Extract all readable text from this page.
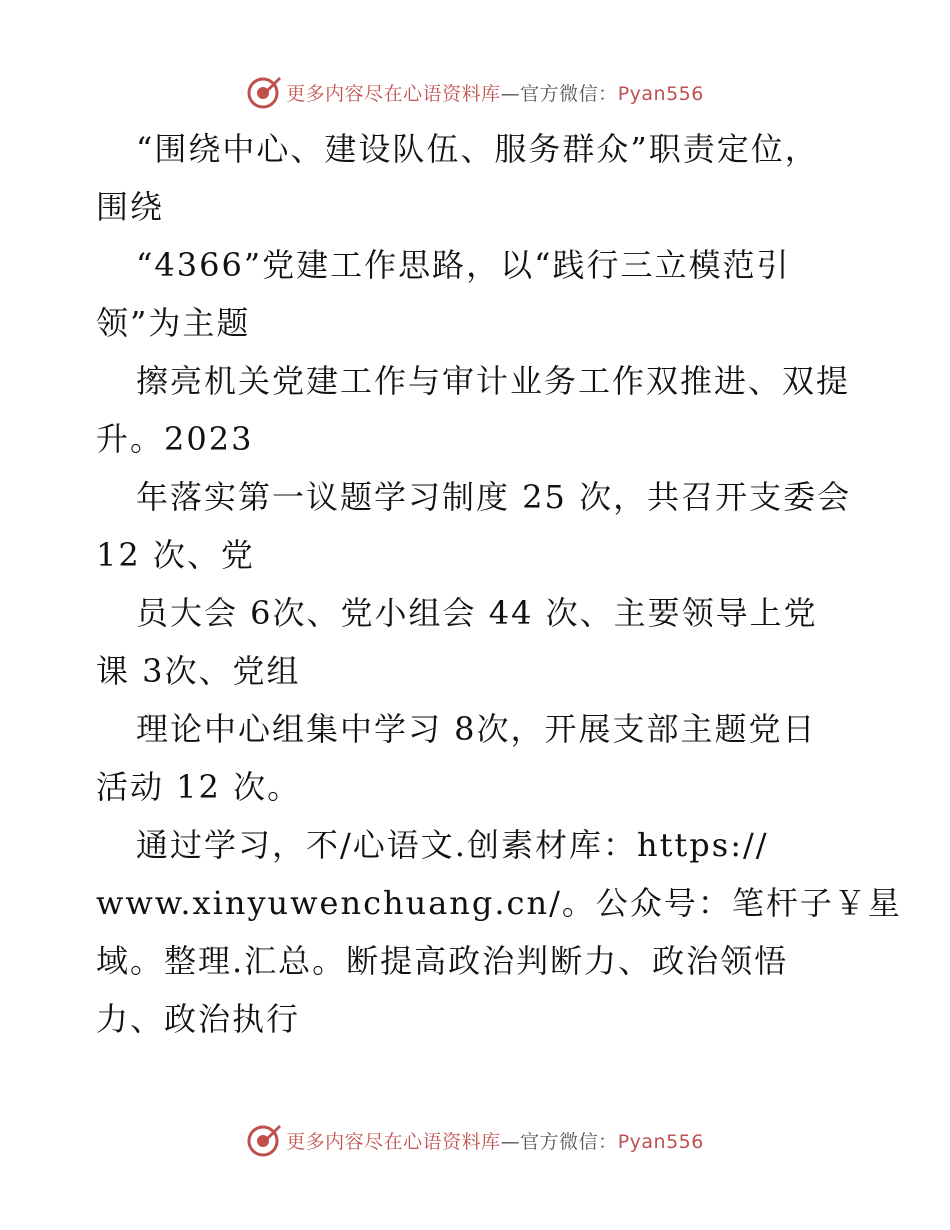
更多内容尽在心语资料库—官方微信：Pyan556

“围绕中心、建设队伍、服务群众”职责定位，

围绕

“4366”党建工作思路，以“践行三立模范引

领”为主题

擦亮机关党建工作与审计业务工作双推进、双提

升。2023

年落实第一议题学习制度 25 次，共召开支委会

12 次、党

员大会 6次、党小组会 44 次、主要领导上党

课 3次、党组

理论中心组集中学习 8次，开展支部主题党日

活动 12 次。

通过学习，不/心语文.创素材库：https://

www.xinyuwenchuang.cn/。公众号：笔杆子￥星

域。整理.汇总。断提高政治判断力、政治领悟

力、政治执行

更多内容尽在心语资料库—官方微信：Pyan556
